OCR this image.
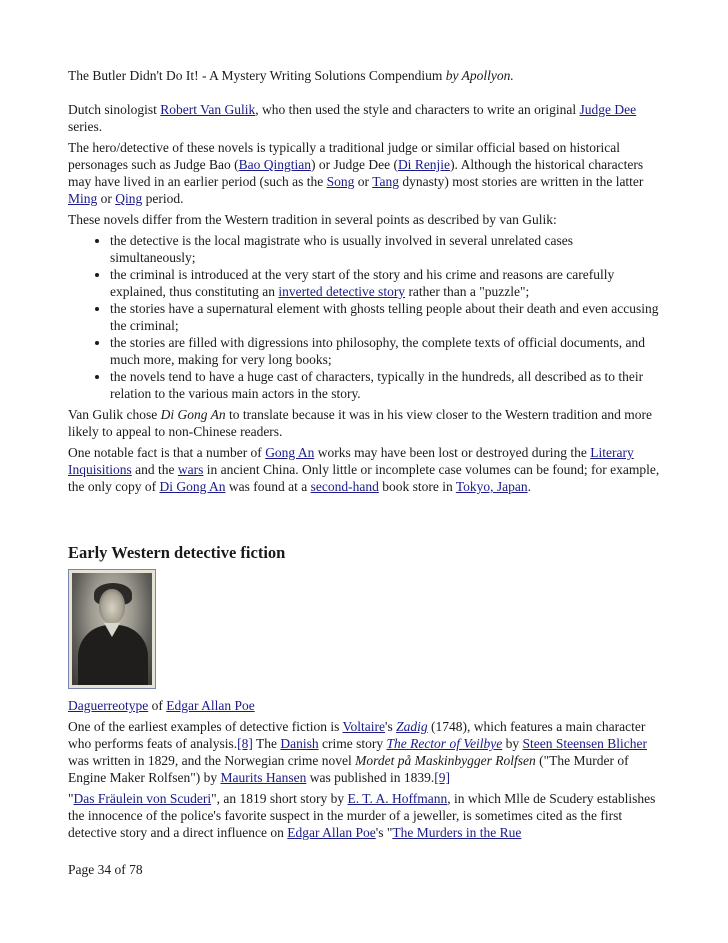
The Butler Didn't Do It! - A Mystery Writing Solutions Compendium by Apollyon.

Dutch sinologist Robert Van Gulik, who then used the style and characters to write an original Judge Dee series.

The hero/detective of these novels is typically a traditional judge or similar official based on historical personages such as Judge Bao (Bao Qingtian) or Judge Dee (Di Renjie). Although the historical characters may have lived in an earlier period (such as the Song or Tang dynasty) most stories are written in the latter Ming or Qing period.

These novels differ from the Western tradition in several points as described by van Gulik:

• the detective is the local magistrate who is usually involved in several unrelated cases simultaneously;
• the criminal is introduced at the very start of the story and his crime and reasons are carefully explained, thus constituting an inverted detective story rather than a "puzzle";
• the stories have a supernatural element with ghosts telling people about their death and even accusing the criminal;
• the stories are filled with digressions into philosophy, the complete texts of official documents, and much more, making for very long books;
• the novels tend to have a huge cast of characters, typically in the hundreds, all described as to their relation to the various main actors in the story.

Van Gulik chose Di Gong An to translate because it was in his view closer to the Western tradition and more likely to appeal to non-Chinese readers.

One notable fact is that a number of Gong An works may have been lost or destroyed during the Literary Inquisitions and the wars in ancient China. Only little or incomplete case volumes can be found; for example, the only copy of Di Gong An was found at a second-hand book store in Tokyo, Japan.

Early Western detective fiction
Daguerreotype of Edgar Allan Poe

One of the earliest examples of detective fiction is Voltaire's Zadig (1748), which features a main character who performs feats of analysis.[8] The Danish crime story The Rector of Veilbye by Steen Steensen Blicher was written in 1829, and the Norwegian crime novel Mordet på Maskinbygger Rolfsen ("The Murder of Engine Maker Rolfsen") by Maurits Hansen was published in 1839.[9]

"Das Fräulein von Scuderi", an 1819 short story by E. T. A. Hoffmann, in which Mlle de Scudery establishes the innocence of the police's favorite suspect in the murder of a jeweller, is sometimes cited as the first detective story and a direct influence on Edgar Allan Poe's "The Murders in the Rue

Page 34 of 78
